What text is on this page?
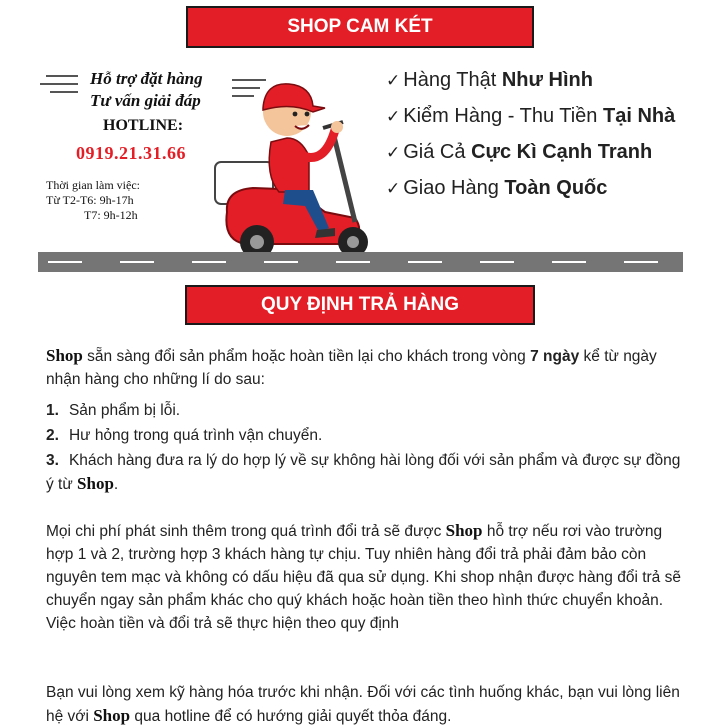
SHOP CAM KÉT
Hỗ trợ đặt hàng
Tư vấn giải đáp
HOTLINE:
0919.21.31.66
Thời gian làm việc:
Từ T2-T6: 9h-17h
T7: 9h-12h
✓ Hàng Thật Như Hình
✓ Kiểm Hàng - Thu Tiền Tại Nhà
✓ Giá Cả Cực Kì Cạnh Tranh
✓ Giao Hàng Toàn Quốc
QUY ĐỊNH TRẢ HÀNG

Shop sẵn sàng đổi sản phẩm hoặc hoàn tiền lại cho khách trong vòng 7 ngày kể từ ngày nhận hàng cho những lí do sau:

1. Sản phẩm bị lỗi.
2. Hư hỏng trong quá trình vận chuyển.
3. Khách hàng đưa ra lý do hợp lý về sự không hài lòng đối với sản phẩm và được sự đồng ý từ Shop.

Mọi chi phí phát sinh thêm trong quá trình đổi trả sẽ được Shop hỗ trợ nếu rơi vào trường hợp 1 và 2, trường hợp 3 khách hàng tự chịu. Tuy nhiên hàng đổi trả phải đảm bảo còn nguyên tem mạc và không có dấu hiệu đã qua sử dụng. Khi shop nhận được hàng đổi trả sẽ chuyển ngay sản phẩm khác cho quý khách hoặc hoàn tiền theo hình thức chuyển khoản. Việc hoàn tiền và đổi trả sẽ thực hiện theo quy định

Bạn vui lòng xem kỹ hàng hóa trước khi nhận. Đối với các tình huống khác, bạn vui lòng liên hệ với Shop qua hotline để có hướng giải quyết thỏa đáng.
